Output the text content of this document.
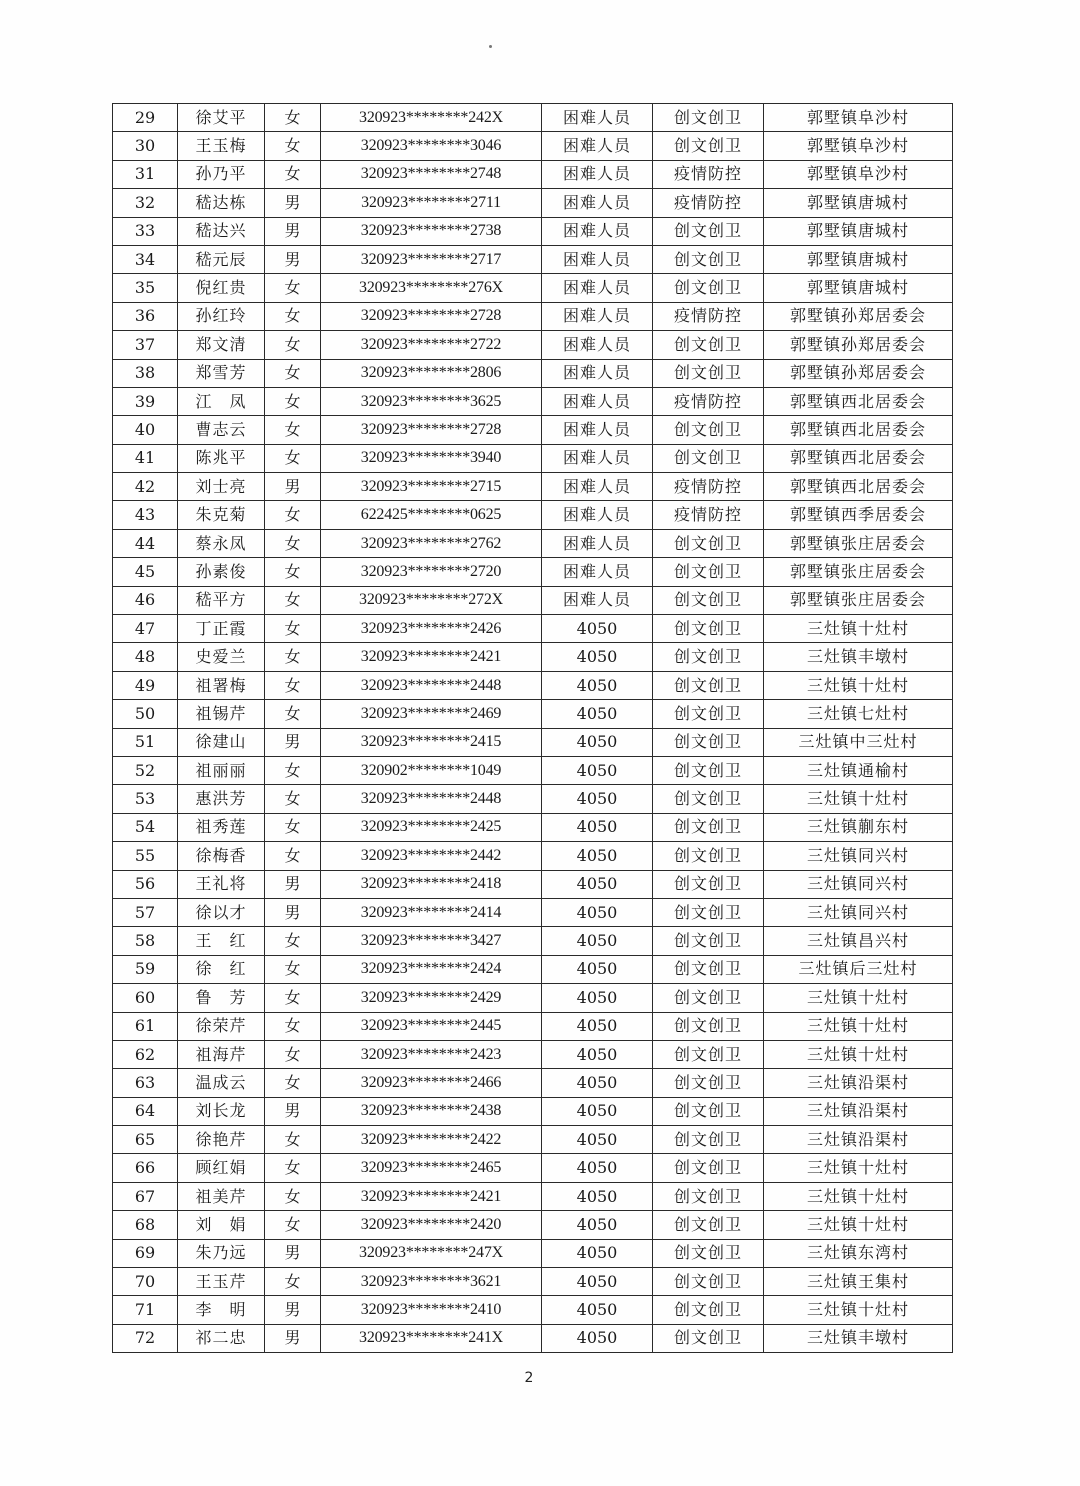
29	徐艾平	女	320923********242X	困难人员	创文创卫	郭墅镇阜沙村
30	王玉梅	女	320923********3046	困难人员	创文创卫	郭墅镇阜沙村
31	孙乃平	女	320923********2748	困难人员	疫情防控	郭墅镇阜沙村
32	嵇达栋	男	320923********2711	困难人员	疫情防控	郭墅镇唐城村
33	嵇达兴	男	320923********2738	困难人员	创文创卫	郭墅镇唐城村
34	嵇元辰	男	320923********2717	困难人员	创文创卫	郭墅镇唐城村
35	倪红贵	女	320923********276X	困难人员	创文创卫	郭墅镇唐城村
36	孙红玲	女	320923********2728	困难人员	疫情防控	郭墅镇孙郑居委会
37	郑文清	女	320923********2722	困难人员	创文创卫	郭墅镇孙郑居委会
38	郑雪芳	女	320923********2806	困难人员	创文创卫	郭墅镇孙郑居委会
39	江　凤	女	320923********3625	困难人员	疫情防控	郭墅镇西北居委会
40	曹志云	女	320923********2728	困难人员	创文创卫	郭墅镇西北居委会
41	陈兆平	女	320923********3940	困难人员	创文创卫	郭墅镇西北居委会
42	刘士亮	男	320923********2715	困难人员	疫情防控	郭墅镇西北居委会
43	朱克菊	女	622425********0625	困难人员	疫情防控	郭墅镇西季居委会
44	蔡永凤	女	320923********2762	困难人员	创文创卫	郭墅镇张庄居委会
45	孙素俊	女	320923********2720	困难人员	创文创卫	郭墅镇张庄居委会
46	嵇平方	女	320923********272X	困难人员	创文创卫	郭墅镇张庄居委会
47	丁正霞	女	320923********2426	4050	创文创卫	三灶镇十灶村
48	史爱兰	女	320923********2421	4050	创文创卫	三灶镇丰墩村
49	祖署梅	女	320923********2448	4050	创文创卫	三灶镇十灶村
50	祖锡芹	女	320923********2469	4050	创文创卫	三灶镇七灶村
51	徐建山	男	320923********2415	4050	创文创卫	三灶镇中三灶村
52	祖丽丽	女	320902********1049	4050	创文创卫	三灶镇通榆村
53	惠洪芳	女	320923********2448	4050	创文创卫	三灶镇十灶村
54	祖秀莲	女	320923********2425	4050	创文创卫	三灶镇蒯东村
55	徐梅香	女	320923********2442	4050	创文创卫	三灶镇同兴村
56	王礼将	男	320923********2418	4050	创文创卫	三灶镇同兴村
57	徐以才	男	320923********2414	4050	创文创卫	三灶镇同兴村
58	王　红	女	320923********3427	4050	创文创卫	三灶镇昌兴村
59	徐　红	女	320923********2424	4050	创文创卫	三灶镇后三灶村
60	鲁　芳	女	320923********2429	4050	创文创卫	三灶镇十灶村
61	徐荣芹	女	320923********2445	4050	创文创卫	三灶镇十灶村
62	祖海芹	女	320923********2423	4050	创文创卫	三灶镇十灶村
63	温成云	女	320923********2466	4050	创文创卫	三灶镇沿渠村
64	刘长龙	男	320923********2438	4050	创文创卫	三灶镇沿渠村
65	徐艳芹	女	320923********2422	4050	创文创卫	三灶镇沿渠村
66	顾红娟	女	320923********2465	4050	创文创卫	三灶镇十灶村
67	祖美芹	女	320923********2421	4050	创文创卫	三灶镇十灶村
68	刘　娟	女	320923********2420	4050	创文创卫	三灶镇十灶村
69	朱乃远	男	320923********247X	4050	创文创卫	三灶镇东湾村
70	王玉芹	女	320923********3621	4050	创文创卫	三灶镇王集村
71	李　明	男	320923********2410	4050	创文创卫	三灶镇十灶村
72	祁二忠	男	320923********241X	4050	创文创卫	三灶镇丰墩村
2
